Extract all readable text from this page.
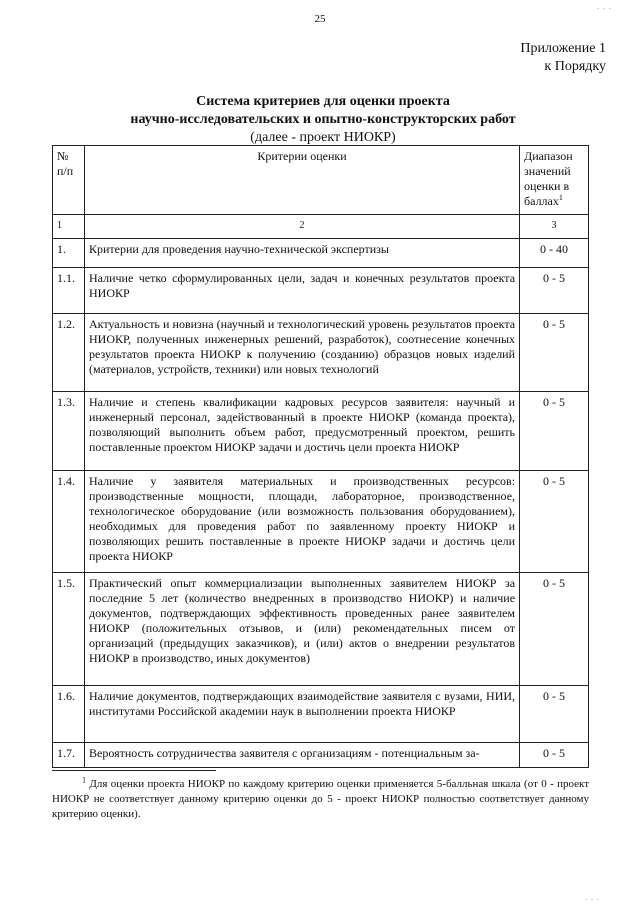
25
Приложение 1
к Порядку
Система критериев для оценки проекта
научно-исследовательских и опытно-конструкторских работ
(далее - проект НИОКР)
№ п/п	Критерии оценки	Диапазон значений оценки в баллах$^1$
1	2	3
1.	Критерии для проведения научно-технической экспертизы	0 - 40
1.1.	Наличие четко сформулированных цели, задач и конечных результатов проекта НИОКР	0 - 5
1.2.	Актуальность и новизна (научный и технологический уровень результатов проекта НИОКР, полученных инженерных решений, разработок), соотнесение конечных результатов проекта НИОКР к получению (созданию) образцов новых изделий (материалов, устройств, техники) или новых технологий	0 - 5
1.3.	Наличие и степень квалификации кадровых ресурсов заявителя: научный и инженерный персонал, задействованный в проекте НИОКР (команда проекта), позволяющий выполнить объем работ, предусмотренный проектом, решить поставленные проектом НИОКР задачи и достичь цели проекта НИОКР	0 - 5
1.4.	Наличие у заявителя материальных и производственных ресурсов: производственные мощности, площади, лабораторное, производственное, технологическое оборудование (или возможность пользования оборудованием), необходимых для проведения работ по заявленному проекту НИОКР и позволяющих решить поставленные в проекте НИОКР задачи и достичь цели проекта НИОКР	0 - 5
1.5.	Практический опыт коммерциализации выполненных заявителем НИОКР за последние 5 лет (количество внедренных в производство НИОКР) и наличие документов, подтверждающих эффективность проведенных ранее заявителем НИОКР (положительных отзывов, и (или) рекомендательных писем от организаций (предыдущих заказчиков), и (или) актов о внедрении результатов НИОКР в производство, иных документов)	0 - 5
1.6.	Наличие документов, подтверждающих взаимодействие заявителя с вузами, НИИ, институтами Российской академии наук в выполнении проекта НИОКР	0 - 5
1.7.	Вероятность сотрудничества заявителя с организациям - потенциальным за-	0 - 5
$^1$ Для оценки проекта НИОКР по каждому критерию оценки применяется 5-балльная шкала (от 0 - проект НИОКР не соответствует данному критерию оценки до 5 - проект НИОКР полностью соответствует данному критерию оценки).
. . .
. . .
